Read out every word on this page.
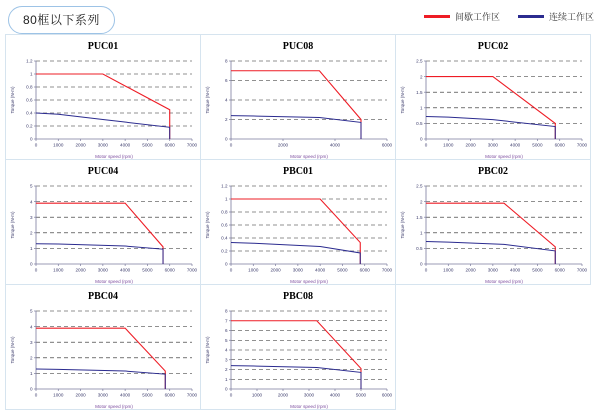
80框以下系列	间歇工作区	连续工作区
PUC01
0	1000	2000	3000	4000	5000	6000	7000
0
0.2
0.4
0.6
0.8
1
1.2
Motor speed (rpm)
Torque (N-m)
PUC08
0	2000	4000	6000
0
2
4
6
8
Motor speed (rpm)
Torque (N-m)
PUC02
0	1000	2000	3000	4000	5000	6000	7000
0
0.5
1
1.5
2
2.5
Motor speed (rpm)
Torque (N-m)
PUC04
0	1000	2000	3000	4000	5000	6000	7000
0
1
2
3
4
5
Motor speed (rpm)
Torque (N-m)
PBC01
0	1000	2000	3000	4000	5000	6000	7000
0
0.2
0.4
0.6
0.8
1
1.2
Motor speed (rpm)
Torque (N-m)
PBC02
0	1000	2000	3000	4000	5000	6000	7000
0
0.5
1
1.5
2
2.5
Motor speed (rpm)
Torque (N-m)
PBC04
0	1000	2000	3000	4000	5000	6000	7000
0
1
2
3
4
5
Motor speed (rpm)
Torque (N-m)
PBC08
0	1000	2000	3000	4000	5000	6000
0
1
2
3
4
5
6
7
8
Motor speed (rpm)
Torque (N-m)
